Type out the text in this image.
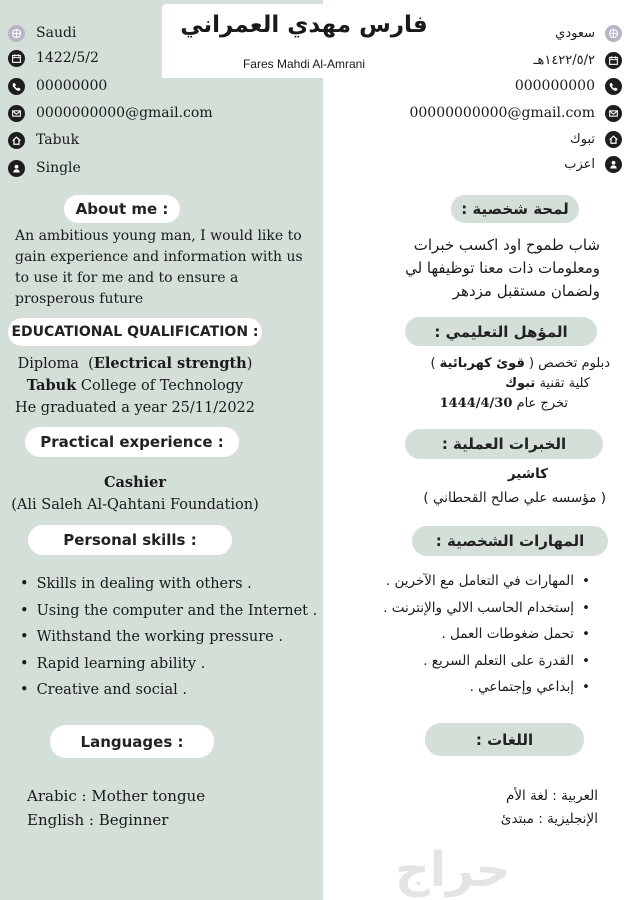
فارس مهدي العمراني
Fares Mahdi Al-Amrani
Saudi
1422/5/2
00000000
0000000000@gmail.com
Tabuk
Single
سعودي
١٤٢٢/٥/٢هـ
000000000
00000000000@gmail.com
تبوك
اعزب
About me :
An ambitious young man, I would like to
gain experience and information with us
to use it for me and to ensure a
prosperous future
لمحة شخصية :
شاب طموح اود اكسب خبرات
ومعلومات ذات معنا توظيفها لي
ولضمان مستقبل مزدهر
EDUCATIONAL QUALIFICATION :
Diploma  (Electrical strength)
Tabuk College of Technology
He graduated a year 25/11/2022
المؤهل التعليمي :
دبلوم تخصص ( قوئ كهربائية )
كلية تقنية تبوك
تخرج عام 1444/4/30
Practical experience :
Cashier
(Ali Saleh Al-Qahtani Foundation)
الخبرات العملية :
كاشير
( مؤسسه علي صالح القحطاني )
Personal skills :
• Skills in dealing with others .
• Using the computer and the Internet .
• Withstand the working pressure .
• Rapid learning ability .
• Creative and social .
المهارات الشخصية :
• المهارات في التعامل مع الآخرين .
• إستخدام الحاسب الالي والإنترنت .
• تحمل ضغوطات العمل .
• القدرة على التعلم السريع .
• إبداعي وإجتماعي .
Languages :
Arabic : Mother tongue
English : Beginner
اللغات :
العربية : لغة الأم
الإنجليزية : مبتدئ
حراج
